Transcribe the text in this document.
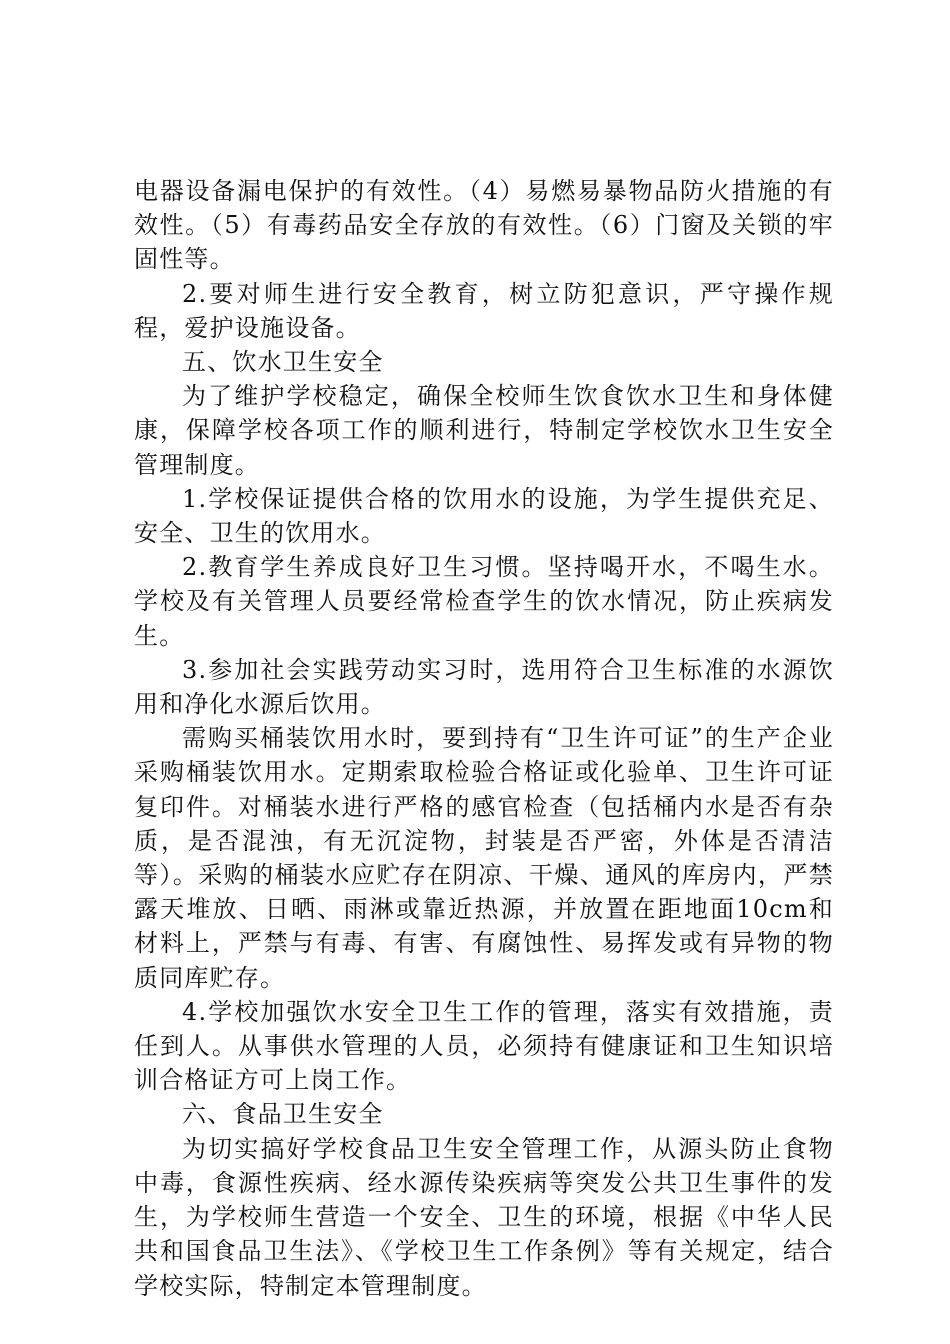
电器设备漏电保护的有效性。（4）易燃易暴物品防火措施的有效性。（5）有毒药品安全存放的有效性。（6）门窗及关锁的牢固性等。

2.要对师生进行安全教育，树立防犯意识，严守操作规程，爱护设施设备。

五、饮水卫生安全

为了维护学校稳定，确保全校师生饮食饮水卫生和身体健康，保障学校各项工作的顺利进行，特制定学校饮水卫生安全管理制度。

1.学校保证提供合格的饮用水的设施，为学生提供充足、安全、卫生的饮用水。

2.教育学生养成良好卫生习惯。坚持喝开水，不喝生水。学校及有关管理人员要经常检查学生的饮水情况，防止疾病发生。

3.参加社会实践劳动实习时，选用符合卫生标准的水源饮用和净化水源后饮用。

需购买桶装饮用水时，要到持有“卫生许可证”的生产企业采购桶装饮用水。定期索取检验合格证或化验单、卫生许可证复印件。对桶装水进行严格的感官检查（包括桶内水是否有杂质，是否混浊，有无沉淀物，封装是否严密，外体是否清洁等）。采购的桶装水应贮存在阴凉、干燥、通风的库房内，严禁露天堆放、日晒、雨淋或靠近热源，并放置在距地面10cm和材料上，严禁与有毒、有害、有腐蚀性、易挥发或有异物的物质同库贮存。

4.学校加强饮水安全卫生工作的管理，落实有效措施，责任到人。从事供水管理的人员，必须持有健康证和卫生知识培训合格证方可上岗工作。

六、食品卫生安全

为切实搞好学校食品卫生安全管理工作，从源头防止食物中毒，食源性疾病、经水源传染疾病等突发公共卫生事件的发生，为学校师生营造一个安全、卫生的环境，根据《中华人民共和国食品卫生法》、《学校卫生工作条例》等有关规定，结合学校实际，特制定本管理制度。
